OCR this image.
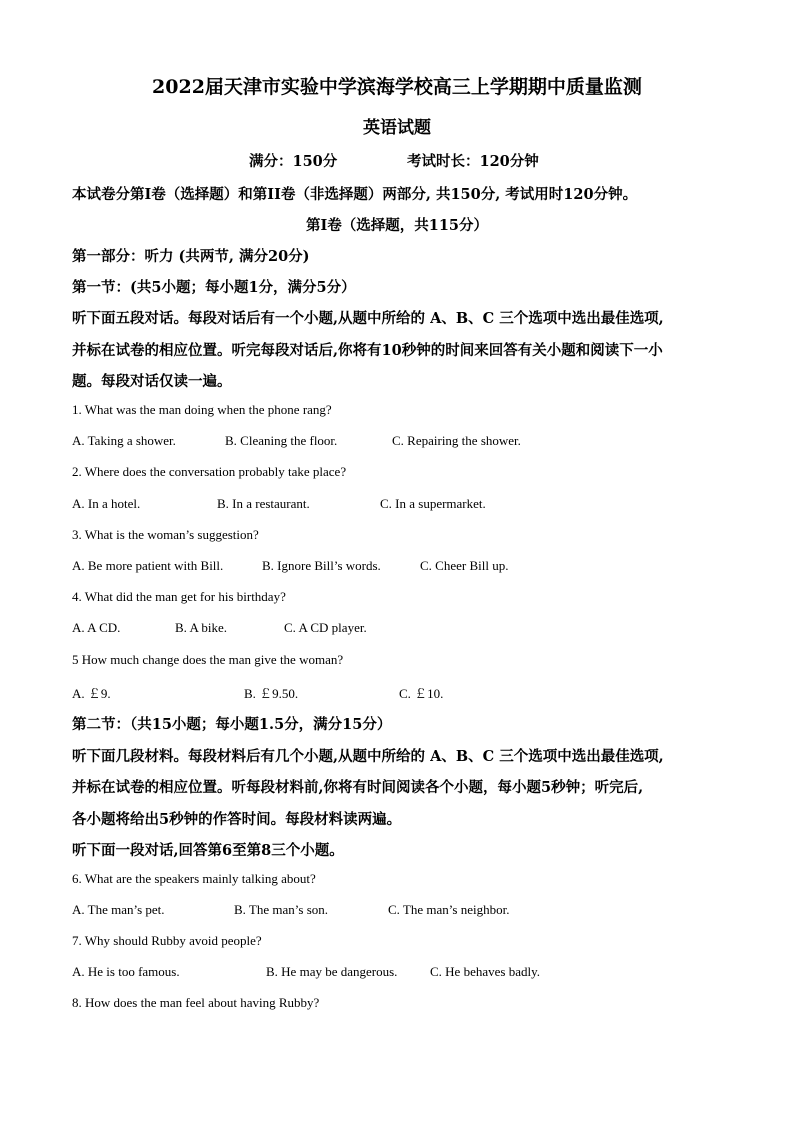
2022届天津市实验中学滨海学校高三上学期期中质量监测
英语试题
满分：150分	考试时长：120分钟
本试卷分第I卷（选择题）和第II卷（非选择题）两部分, 共150分, 考试用时120分钟。
第I卷（选择题，共115分）
第一部分：听力 (共两节, 满分20分)
第一节：(共5小题；每小题1分，满分5分）
听下面五段对话。每段对话后有一个小题,从题中所给的 A、B、C 三个选项中选出最佳选项,
并标在试卷的相应位置。听完每段对话后,你将有10秒钟的时间来回答有关小题和阅读下一小
题。每段对话仅读一遍。
1. What was the man doing when the phone rang?
A. Taking a shower.	B. Cleaning the floor.	C. Repairing the shower.
2. Where does the conversation probably take place?
A. In a hotel.	B. In a restaurant.	C. In a supermarket.
3. What is the woman’s suggestion?
A. Be more patient with Bill.	B. Ignore Bill’s words.	C. Cheer Bill up.
4. What did the man get for his birthday?
A. A CD.	B. A bike.	C. A CD player.
5 How much change does the man give the woman?
A. ￡9.	B. ￡9.50.	C. ￡10.
第二节：（共15小题；每小题1.5分，满分15分）
听下面几段材料。每段材料后有几个小题,从题中所给的 A、B、C 三个选项中选出最佳选项,
并标在试卷的相应位置。听每段材料前,你将有时间阅读各个小题，每小题5秒钟；听完后,
各小题将给出5秒钟的作答时间。每段材料读两遍。
听下面一段对话,回答第6至第8三个小题。
6. What are the speakers mainly talking about?
A. The man’s pet.	B. The man’s son.	C. The man’s neighbor.
7. Why should Rubby avoid people?
A. He is too famous.	B. He may be dangerous.	C. He behaves badly.
8. How does the man feel about having Rubby?
